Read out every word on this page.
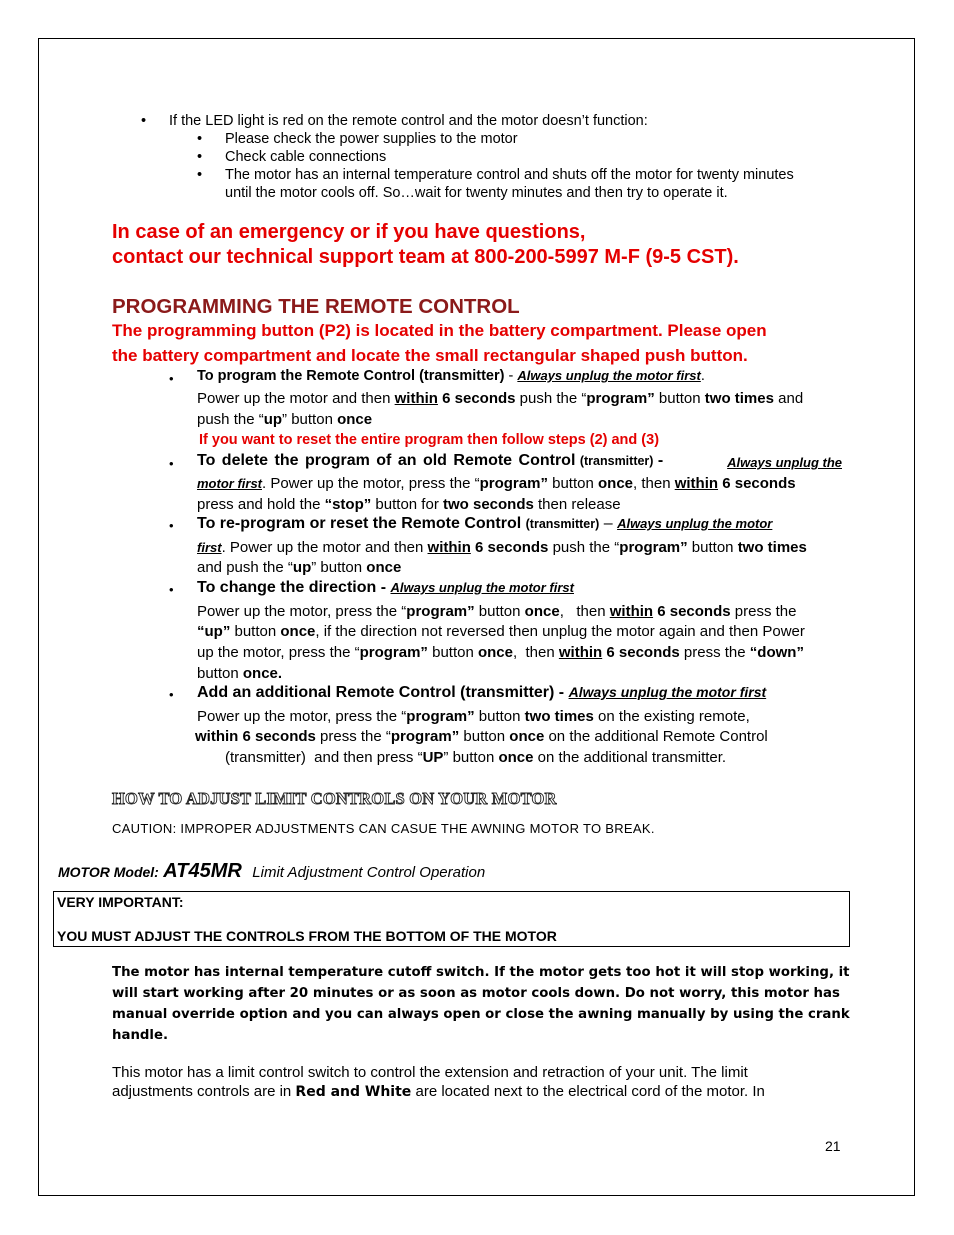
• If the LED light is red on the remote control and the motor doesn’t function:
• Please check the power supplies to the motor
• Check cable connections
• The motor has an internal temperature control and shuts off the motor for twenty minutes
until the motor cools off. So…wait for twenty minutes and then try to operate it.
In case of an emergency or if you have questions,
contact our technical support team at 800-200-5997 M-F (9-5 CST).
PROGRAMMING THE REMOTE CONTROL
The programming button (P2) is located in the battery compartment. Please open
the battery compartment and locate the small rectangular shaped push button.
• To program the Remote Control (transmitter) - Always unplug the motor first.
Power up the motor and then within 6 seconds push the “program” button two times and
push the “up” button once
If you want to reset the entire program then follow steps (2) and (3)
• To delete the program of an old Remote Control (transmitter) -	Always unplug the
motor first. Power up the motor, press the “program” button once, then within 6 seconds
press and hold the “stop” button for two seconds then release
• To re-program or reset the Remote Control (transmitter) – Always unplug the motor
first. Power up the motor and then within 6 seconds push the “program” button two times
and push the “up” button once
• To change the direction - Always unplug the motor first
Power up the motor, press the “program” button once,   then within 6 seconds press the
“up” button once, if the direction not reversed then unplug the motor again and then Power
up the motor, press the “program” button once,  then within 6 seconds press the “down”
button once.
• Add an additional Remote Control (transmitter) - Always unplug the motor first
Power up the motor, press the “program” button two times on the existing remote,
within 6 seconds press the “program” button once on the additional Remote Control
(transmitter)  and then press “UP” button once on the additional transmitter.
HOW TO ADJUST LIMIT CONTROLS ON YOUR MOTOR
CAUTION: IMPROPER ADJUSTMENTS CAN CASUE THE AWNING MOTOR TO BREAK.
MOTOR Model: AT45MR Limit Adjustment Control Operation
VERY IMPORTANT:
YOU MUST ADJUST THE CONTROLS FROM THE BOTTOM OF THE MOTOR
The motor has internal temperature cutoff switch. If the motor gets too hot it will stop working, it
will start working after 20 minutes or as soon as motor cools down. Do not worry, this motor has
manual override option and you can always open or close the awning manually by using the crank
handle.
This motor has a limit control switch to control the extension and retraction of your unit. The limit
adjustments controls are in Red and White are located next to the electrical cord of the motor. In
21
